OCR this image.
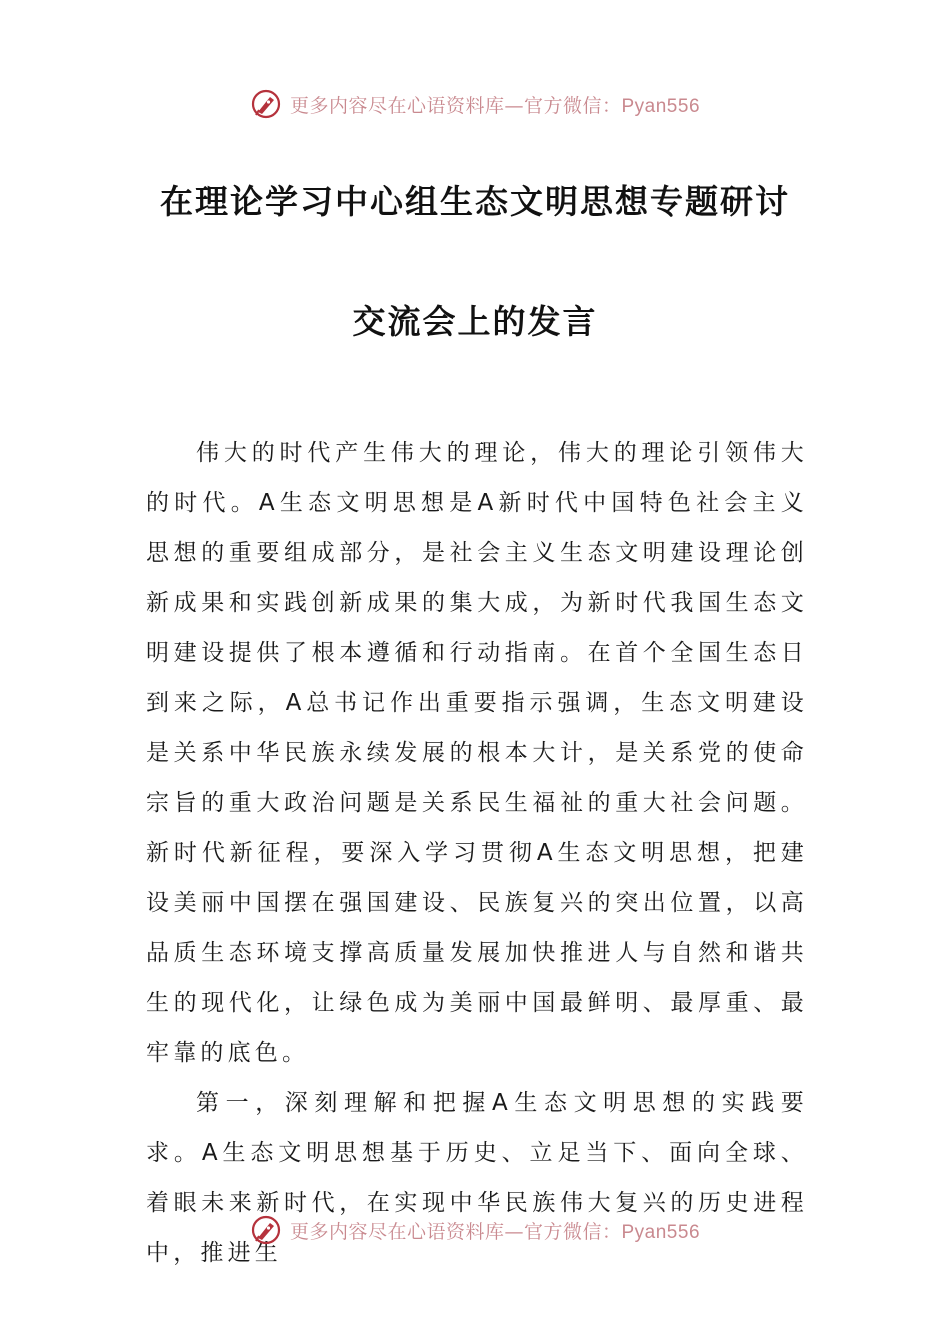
更多内容尽在心语资料库—官方微信：Pyan556
在理论学习中心组生态文明思想专题研讨
交流会上的发言

伟大的时代产生伟大的理论，伟大的理论引领伟大的时代。A生态文明思想是A新时代中国特色社会主义思想的重要组成部分，是社会主义生态文明建设理论创新成果和实践创新成果的集大成，为新时代我国生态文明建设提供了根本遵循和行动指南。在首个全国生态日到来之际，A总书记作出重要指示强调，生态文明建设是关系中华民族永续发展的根本大计，是关系党的使命宗旨的重大政治问题是关系民生福祉的重大社会问题。新时代新征程，要深入学习贯彻A生态文明思想，把建设美丽中国摆在强国建设、民族复兴的突出位置，以高品质生态环境支撑高质量发展加快推进人与自然和谐共生的现代化，让绿色成为美丽中国最鲜明、最厚重、最牢靠的底色。

第一，深刻理解和把握A生态文明思想的实践要求。A生态文明思想基于历史、立足当下、面向全球、着眼未来新时代，在实现中华民族伟大复兴的历史进程中，推进生

更多内容尽在心语资料库—官方微信：Pyan556
